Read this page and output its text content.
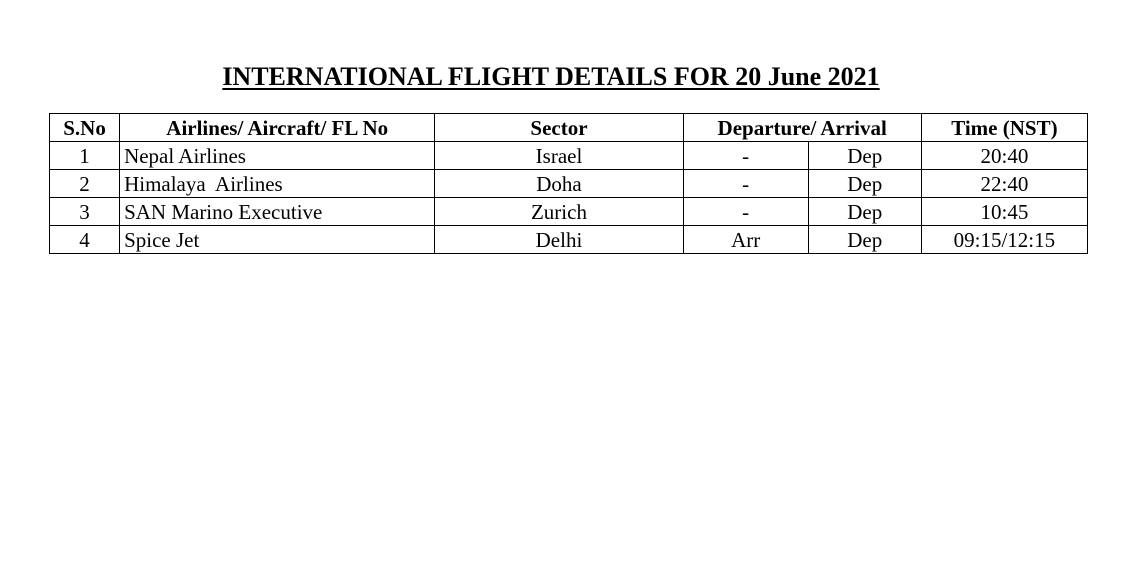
INTERNATIONAL FLIGHT DETAILS FOR 20 June 2021
S.No	Airlines/ Aircraft/ FL No	Sector	Departure/ Arrival		Time (NST)
1	Nepal Airlines	Israel	-	Dep	20:40
2	Himalaya  Airlines	Doha	-	Dep	22:40
3	SAN Marino Executive	Zurich	-	Dep	10:45
4	Spice Jet	Delhi	Arr	Dep	09:15/12:15
